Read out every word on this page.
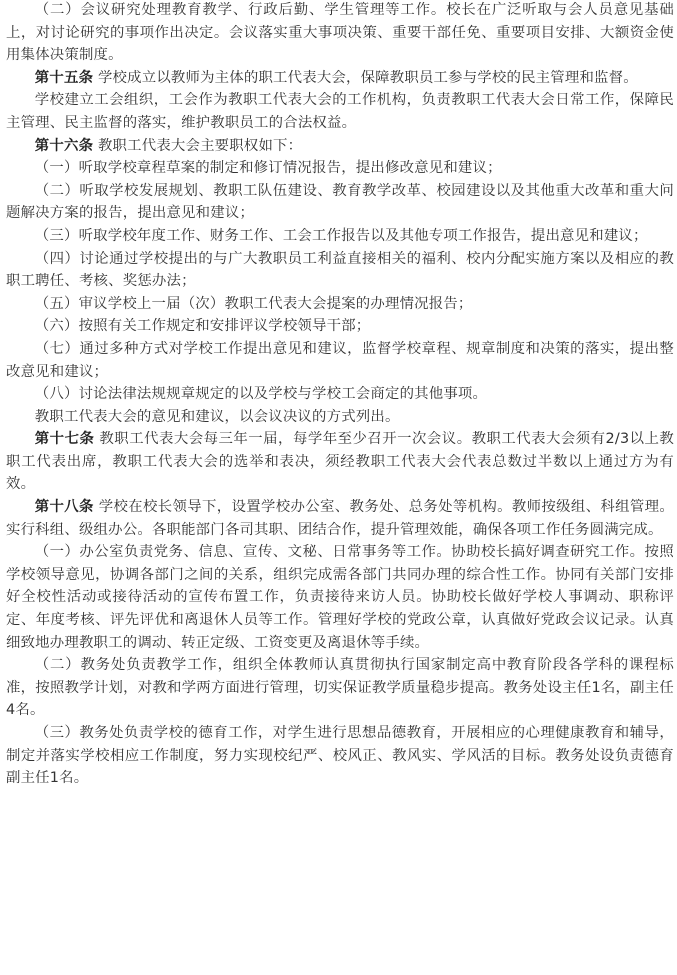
（二）会议研究处理教育教学、行政后勤、学生管理等工作。校长在广泛听取与会人员意见基础上，对讨论研究的事项作出决定。会议落实重大事项决策、重要干部任免、重要项目安排、大额资金使用集体决策制度。

第十五条 学校成立以教师为主体的职工代表大会，保障教职员工参与学校的民主管理和监督。

学校建立工会组织，工会作为教职工代表大会的工作机构，负责教职工代表大会日常工作，保障民主管理、民主监督的落实，维护教职员工的合法权益。

第十六条 教职工代表大会主要职权如下：

（一）听取学校章程草案的制定和修订情况报告，提出修改意见和建议；

（二）听取学校发展规划、教职工队伍建设、教育教学改革、校园建设以及其他重大改革和重大问题解决方案的报告，提出意见和建议；

（三）听取学校年度工作、财务工作、工会工作报告以及其他专项工作报告，提出意见和建议；

（四）讨论通过学校提出的与广大教职员工利益直接相关的福利、校内分配实施方案以及相应的教职工聘任、考核、奖惩办法；

（五）审议学校上一届（次）教职工代表大会提案的办理情况报告；

（六）按照有关工作规定和安排评议学校领导干部；

（七）通过多种方式对学校工作提出意见和建议，监督学校章程、规章制度和决策的落实，提出整改意见和建议；

（八）讨论法律法规规章规定的以及学校与学校工会商定的其他事项。

教职工代表大会的意见和建议，以会议决议的方式列出。

第十七条 教职工代表大会每三年一届，每学年至少召开一次会议。教职工代表大会须有2/3以上教职工代表出席，教职工代表大会的选举和表决，须经教职工代表大会代表总数过半数以上通过方为有效。

第十八条 学校在校长领导下，设置学校办公室、教务处、总务处等机构。教师按级组、科组管理。实行科组、级组办公。各职能部门各司其职、团结合作，提升管理效能，确保各项工作任务圆满完成。

（一）办公室负责党务、信息、宣传、文秘、日常事务等工作。协助校长搞好调查研究工作。按照学校领导意见，协调各部门之间的关系，组织完成需各部门共同办理的综合性工作。协同有关部门安排好全校性活动或接待活动的宣传布置工作，负责接待来访人员。协助校长做好学校人事调动、职称评定、年度考核、评先评优和离退休人员等工作。管理好学校的党政公章，认真做好党政会议记录。认真细致地办理教职工的调动、转正定级、工资变更及离退休等手续。

（二）教务处负责教学工作，组织全体教师认真贯彻执行国家制定高中教育阶段各学科的课程标准，按照教学计划，对教和学两方面进行管理，切实保证教学质量稳步提高。教务处设主任1名，副主任4名。

（三）教务处负责学校的德育工作，对学生进行思想品德教育，开展相应的心理健康教育和辅导，制定并落实学校相应工作制度，努力实现校纪严、校风正、教风实、学风活的目标。教务处设负责德育副主任1名。
